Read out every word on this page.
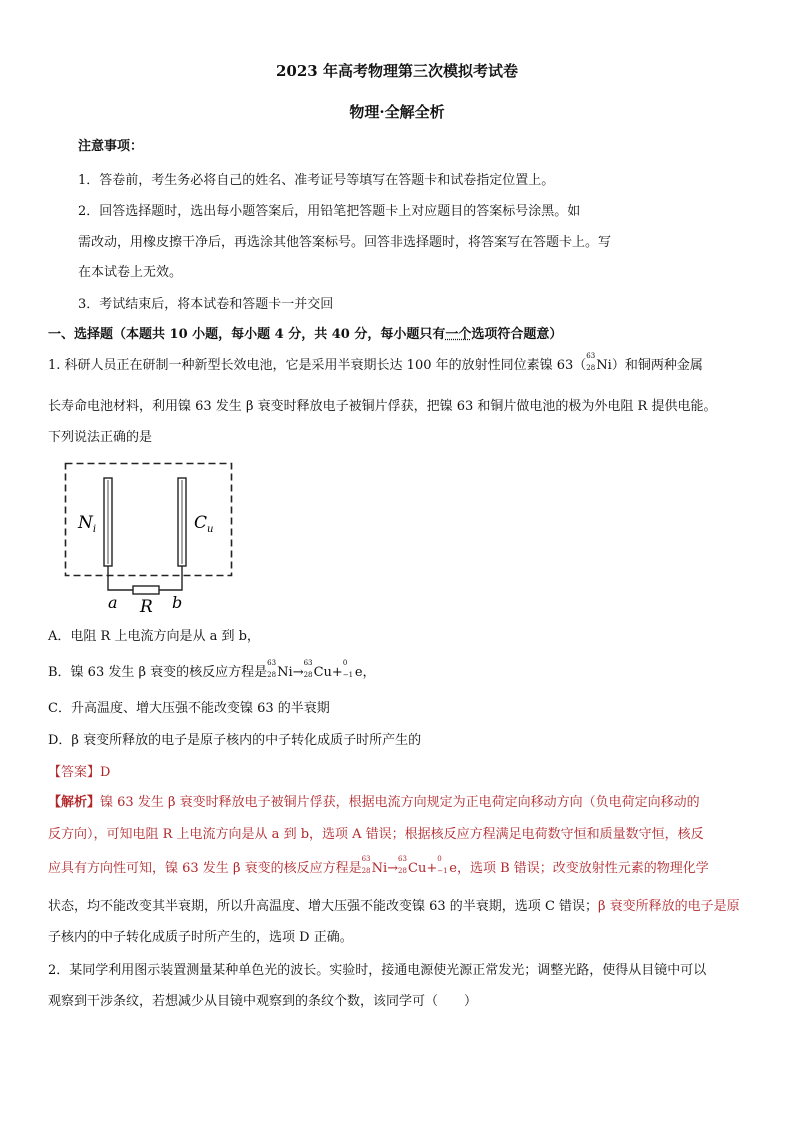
2023 年高考物理第三次模拟考试卷
物理·全解全析
注意事项：
1．答卷前，考生务必将自己的姓名、准考证号等填写在答题卡和试卷指定位置上。
2．回答选择题时，选出每小题答案后，用铅笔把答题卡上对应题目的答案标号涂黑。如
需改动，用橡皮擦干净后，再选涂其他答案标号。回答非选择题时，将答案写在答题卡上。写
在本试卷上无效。
3．考试结束后，将本试卷和答题卡一并交回
一、选择题（本题共 10 小题，每小题 4 分，共 40 分，每小题只有一个选项符合题意）
1. 科研人员正在研制一种新型长效电池，它是采用半衰期长达 100 年的放射性同位素镍 63（
63
28 Ni）和铜两种金属
长寿命电池材料，利用镍 63 发生 β 衰变时释放电子被铜片俘获，把镍 63 和铜片做电池的极为外电阻 R 提供电能。
下列说法正确的是
$N_i$	$C_u$
a R b
A．电阻 R 上电流方向是从 a 到 b，
B．镍 63 发生 β 衰变的核反应方程是
63
28 Ni→
63
28 Cu+
0
−1 e，
C．升高温度、增大压强不能改变镍 63 的半衰期
D．β 衰变所释放的电子是原子核内的中子转化成质子时所产生的
【答案】D
【解析】镍 63 发生 β 衰变时释放电子被铜片俘获，根据电流方向规定为正电荷定向移动方向（负电荷定向移动的
反方向），可知电阻 R 上电流方向是从 a 到 b，选项 A 错误；根据核反应方程满足电荷数守恒和质量数守恒，核反
应具有方向性可知，镍 63 发生 β 衰变的核反应方程是
63
28 Ni→
63
28 Cu+
0
−1 e，选项 B 错误；改变放射性元素的物理化学
状态，均不能改变其半衰期，所以升高温度、增大压强不能改变镍 63 的半衰期，选项 C 错误；β 衰变所释放的电子是原
子核内的中子转化成质子时所产生的，选项 D 正确。
2．某同学利用图示装置测量某种单色光的波长。实验时，接通电源使光源正常发光；调整光路，使得从目镜中可以
观察到干涉条纹，若想减少从目镜中观察到的条纹个数，该同学可（　　）
